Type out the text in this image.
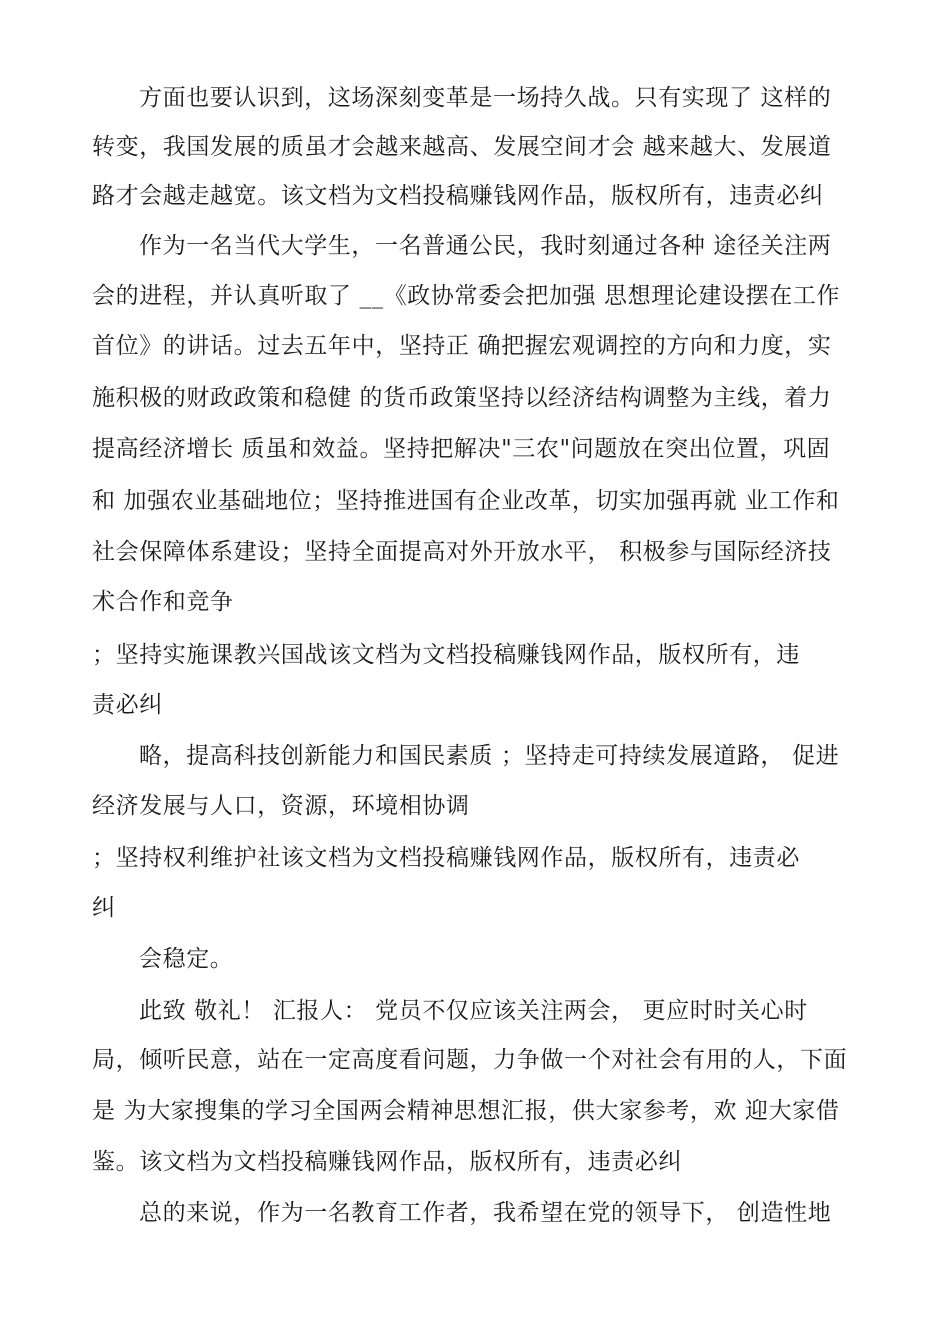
方面也要认识到，这场深刻变革是一场持久战。只有实现了 这样的
转变，我国发展的质虽才会越来越高、发展空间才会 越来越大、发展道
路才会越走越宽。该文档为文档投稿赚钱网作品，版权所有，违责必纠
作为一名当代大学生，一名普通公民，我时刻通过各种 途径关注两
会的进程，并认真听取了 __《政协常委会把加强 思想理论建设摆在工作
首位》的讲话。过去五年中，坚持正 确把握宏观调控的方向和力度，实
施积极的财政政策和稳健 的货币政策坚持以经济结构调整为主线，着力
提高经济增长 质虽和效益。坚持把解决"三农"问题放在突出位置，巩固
和 加强农业基础地位；坚持推进国有企业改革，切实加强再就 业工作和
社会保障体系建设；坚持全面提高对外开放水平， 积极参与国际经济技
术合作和竞争
；坚持实施课教兴国战该文档为文档投稿赚钱网作品，版权所有，违
责必纠
略，提高科技创新能力和国民素质 ；坚持走可持续发展道路， 促进
经济发展与人口，资源，环境相协调
；坚持权利维护社该文档为文档投稿赚钱网作品，版权所有，违责必
纠
会稳定。
此致 敬礼！ 汇报人： 党员不仅应该关注两会， 更应时时关心时
局，倾听民意，站在一定高度看问题，力争做一个对社会有用的人，下面
是 为大家搜集的学习全国两会精神思想汇报，供大家参考，欢 迎大家借
鉴。该文档为文档投稿赚钱网作品，版权所有，违责必纠
总的来说，作为一名教育工作者，我希望在党的领导下， 创造性地
